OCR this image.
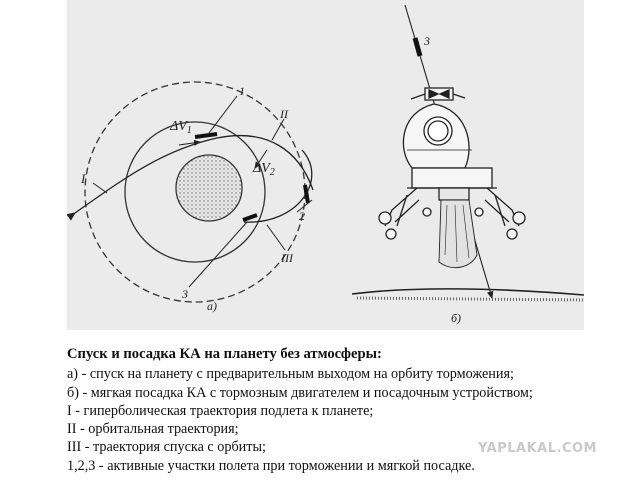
$\Delta V_1$
$\Delta V_2$
1
II
I
2
III
3
а)
3
б)
Спуск и посадка КА на планету без атмосферы:
а) - спуск на планету с предварительным выходом на орбиту торможения;
б) - мягкая посадка КА с тормозным двигателем и посадочным устройством;
I - гиперболическая траектория подлета к планете;
II - орбитальная траектория;
III - траектория спуска с орбиты;
1,2,3 - активные участки полета при торможении и мягкой посадке.
YAPLAKAL.COM
